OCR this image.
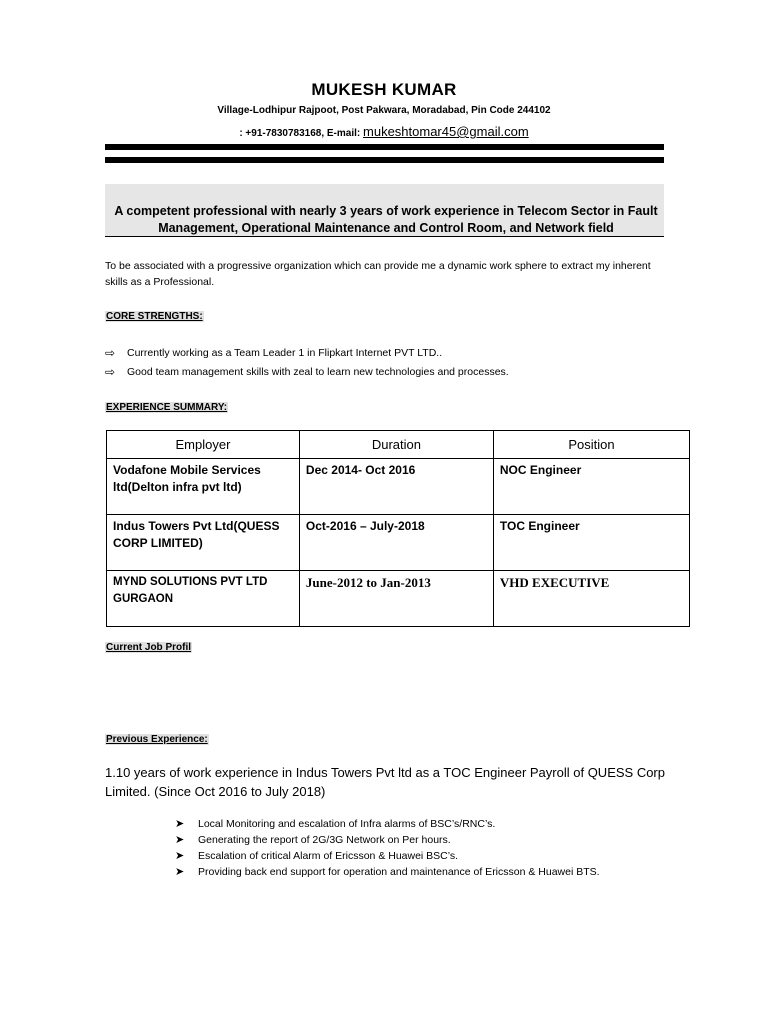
MUKESH KUMAR
Village-Lodhipur Rajpoot, Post Pakwara, Moradabad, Pin Code 244102
: +91-7830783168, E-mail: mukeshtomar45@gmail.com
A competent professional with nearly 3 years of work experience in Telecom Sector in Fault
Management, Operational Maintenance and Control Room, and Network field
To be associated with a progressive organization which can provide me a dynamic work sphere to extract my inherent skills as a Professional.
CORE STRENGTHS:
⇨	Currently working as a Team Leader 1 in Flipkart Internet PVT LTD..
⇨	Good team management skills with zeal to learn new technologies and processes.
EXPERIENCE SUMMARY:
Employer	Duration	Position
Vodafone Mobile Services ltd(Delton infra pvt ltd)	Dec 2014- Oct 2016	NOC Engineer
Indus Towers Pvt Ltd(QUESS CORP LIMITED)	Oct-2016 – July-2018	TOC Engineer
MYND SOLUTIONS PVT LTD GURGAON	June-2012 to Jan-2013	VHD EXECUTIVE
Current Job Profil
Previous Experience:
1.10 years of work experience in Indus Towers Pvt ltd as a TOC Engineer Payroll of QUESS Corp Limited. (Since Oct 2016 to July 2018)
➤	Local Monitoring and escalation of Infra alarms of BSC’s/RNC’s.
➤	Generating the report of 2G/3G Network on Per hours.
➤	Escalation of critical Alarm of Ericsson & Huawei BSC’s.
➤	Providing back end support for operation and maintenance of Ericsson & Huawei BTS.
